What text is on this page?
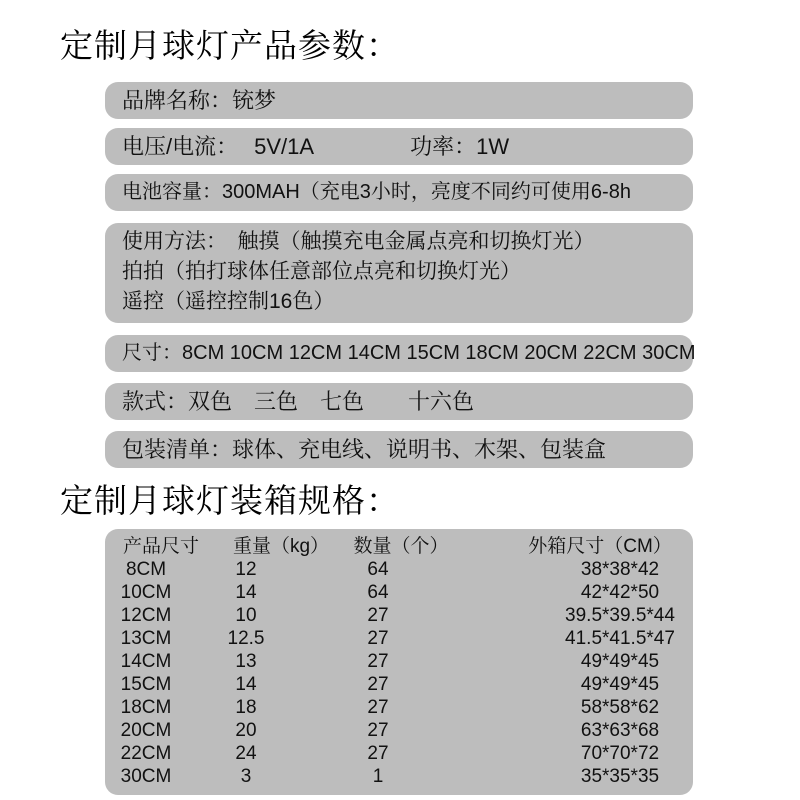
定制月球灯产品参数：
品牌名称： 铳梦
电压/电流： 5V/1A	功率： 1W
电池容量：300MAH（充电3小时，亮度不同约可使用6-8h
使用方法：　触摸（触摸充电金属点亮和切换灯光）
拍拍（拍打球体任意部位点亮和切换灯光）
遥控（遥控控制16色）
尺寸： 8CM 10CM 12CM 14CM 15CM 18CM 20CM 22CM 30CM
款式： 双色　三色　七色　　十六色
包装清单： 球体、充电线、说明书、木架、包装盒
定制月球灯装箱规格：
产品尺寸	重量（kg）	数量（个）	外箱尺寸（CM）
8CM	12	64	38*38*42
10CM	14	64	42*42*50
12CM	10	27	39.5*39.5*44
13CM	12.5	27	41.5*41.5*47
14CM	13	27	49*49*45
15CM	14	27	49*49*45
18CM	18	27	58*58*62
20CM	20	27	63*63*68
22CM	24	27	70*70*72
30CM	3	1	35*35*35
